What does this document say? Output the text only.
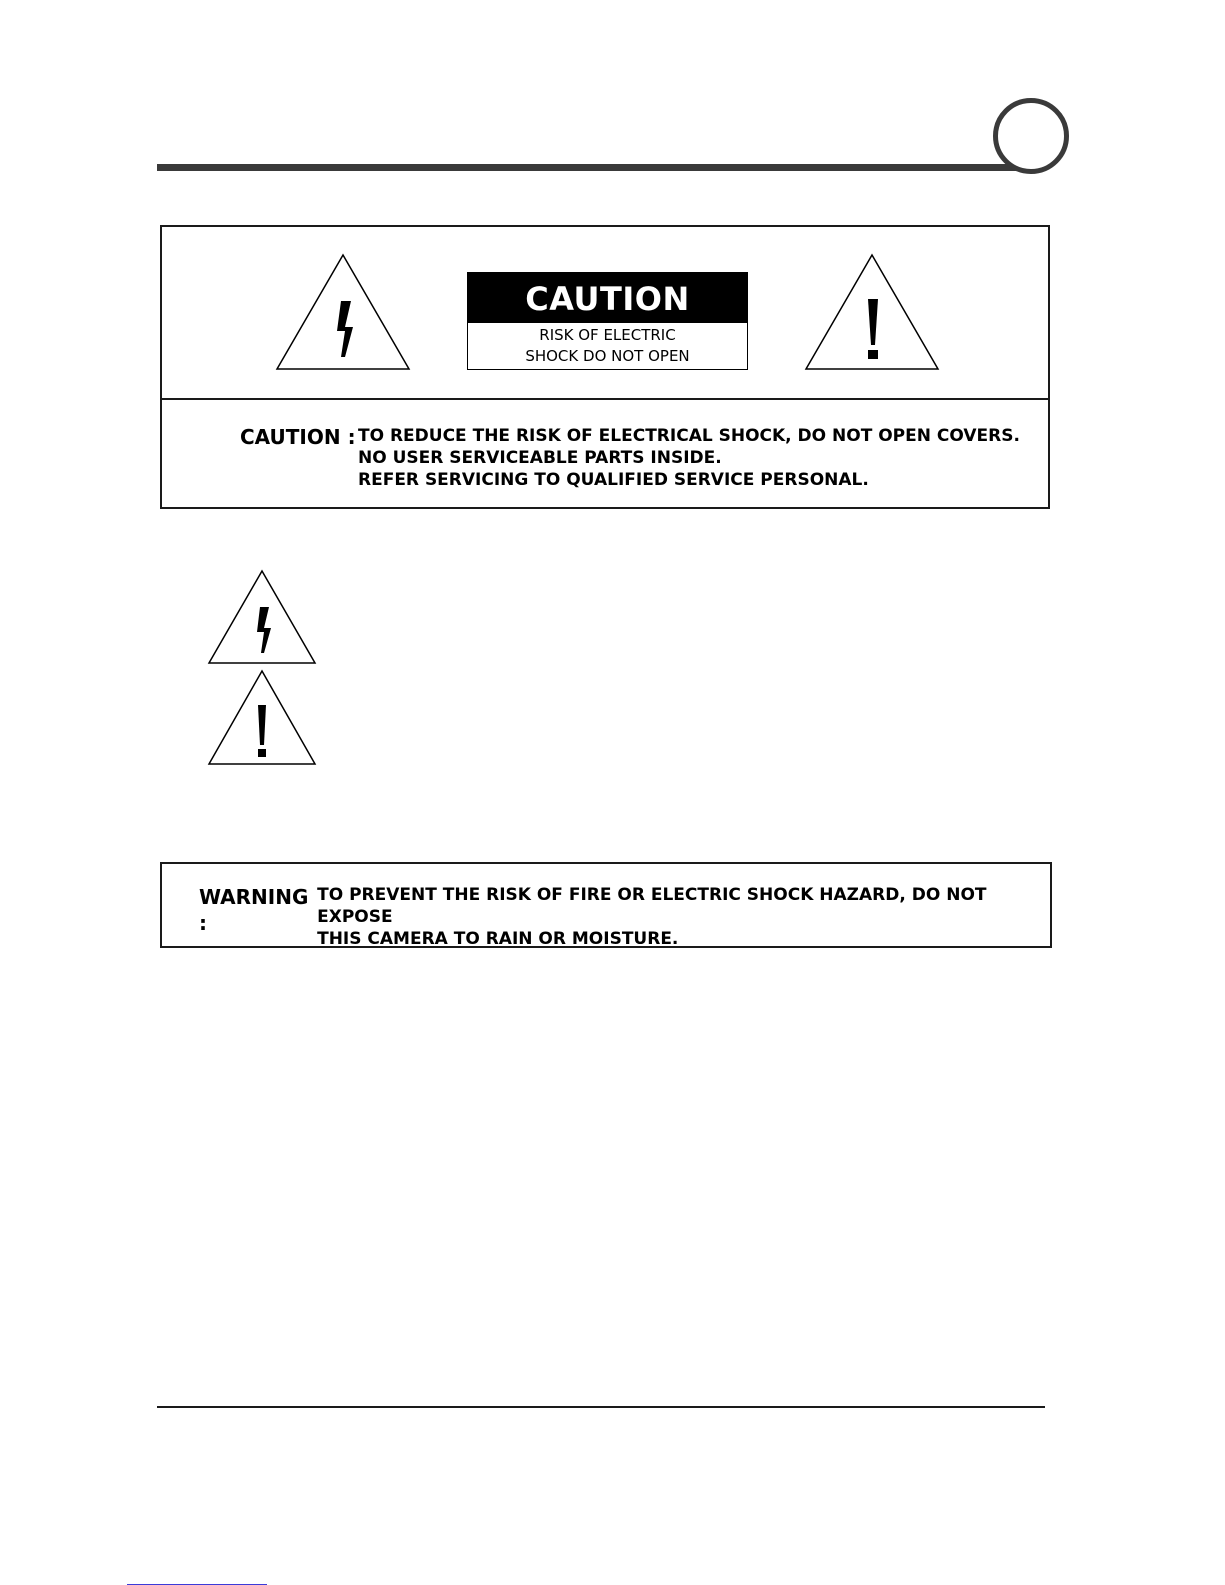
CAUTION
RISK OF ELECTRIC
SHOCK DO NOT OPEN
CAUTION : TO REDUCE THE RISK OF ELECTRICAL SHOCK, DO NOT OPEN COVERS.
NO USER SERVICEABLE PARTS INSIDE.
REFER SERVICING TO QUALIFIED SERVICE PERSONAL.
WARNING :
TO PREVENT THE RISK OF FIRE OR ELECTRIC SHOCK HAZARD, DO NOT EXPOSE
THIS CAMERA TO RAIN OR MOISTURE.
